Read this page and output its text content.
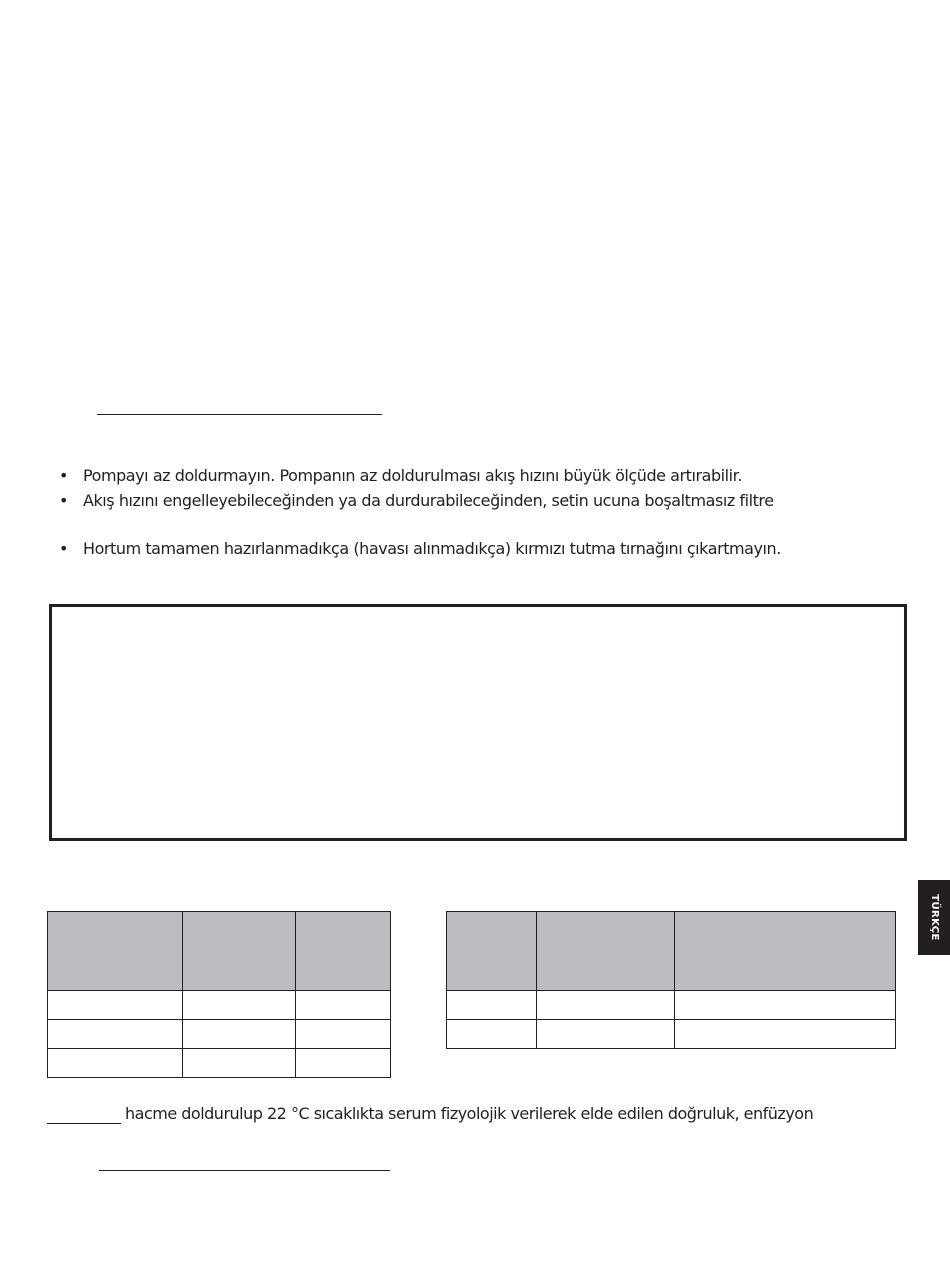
• Pompayı az doldurmayın. Pompanın az doldurulması akış hızını büyük ölçüde artırabilir.
• Akış hızını engelleyebileceğinden ya da durdurabileceğinden, setin ucuna boşaltmasız filtre
• Hortum tamamen hazırlanmadıkça (havası alınmadıkça) kırmızı tutma tırnağını çıkartmayın.

TÜRKÇE
hacme doldurulup 22 °C sıcaklıkta serum fizyolojik verilerek elde edilen doğruluk, enfüzyon
